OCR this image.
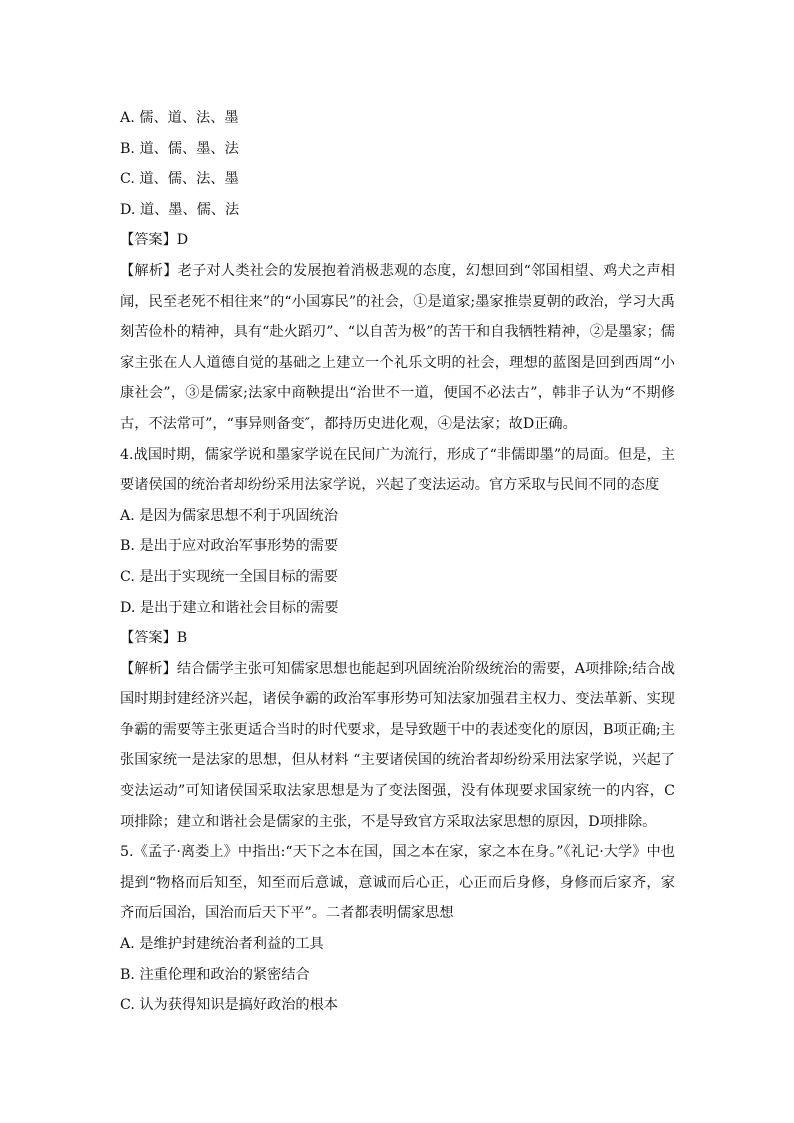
A. 儒、道、法、墨
B. 道、儒、墨、法
C. 道、儒、法、墨
D. 道、墨、儒、法
【答案】D
【解析】老子对人类社会的发展抱着消极悲观的态度，幻想回到“邻国相望、鸡犬之声相闻，民至老死不相往来”的“小国寡民”的社会，①是道家;墨家推崇夏朝的政治，学习大禹刻苦俭朴的精神，具有“赴火蹈刃”、“以自苦为极”的苦干和自我牺牲精神，②是墨家；儒家主张在人人道德自觉的基础之上建立一个礼乐文明的社会，理想的蓝图是回到西周“小康社会”，③是儒家;法家中商鞅提出“治世不一道，便国不必法古”，韩非子认为“不期修古，不法常可”，“事异则备变″，都持历史进化观，④是法家；故D正确。
4.战国时期，儒家学说和墨家学说在民间广为流行，形成了“非儒即墨”的局面。但是，主要诸侯国的统治者却纷纷采用法家学说，兴起了变法运动。官方采取与民间不同的态度
A. 是因为儒家思想不利于巩固统治
B. 是出于应对政治军事形势的需要
C. 是出于实现统一全国目标的需要
D. 是出于建立和谐社会目标的需要
【答案】B
【解析】结合儒学主张可知儒家思想也能起到巩固统治阶级统治的需要，A项排除;结合战国时期封建经济兴起，诸侯争霸的政治军事形势可知法家加强君主权力、变法革新、实现争霸的需要等主张更适合当时的时代要求，是导致题干中的表述变化的原因，B项正确;主张国家统一是法家的思想，但从材料 “主要诸侯国的统治者却纷纷采用法家学说，兴起了变法运动”可知诸侯国采取法家思想是为了变法图强，没有体现要求国家统一的内容，C项排除；建立和谐社会是儒家的主张，不是导致官方采取法家思想的原因，D项排除。
5.《孟子·离娄上》中指出:“天下之本在国，国之本在家，家之本在身。”《礼记·大学》中也提到“物格而后知至，知至而后意诚，意诚而后心正，心正而后身修，身修而后家齐，家齐而后国治，国治而后天下平”。二者都表明儒家思想
A. 是维护封建统治者利益的工具
B. 注重伦理和政治的紧密结合
C. 认为获得知识是搞好政治的根本
